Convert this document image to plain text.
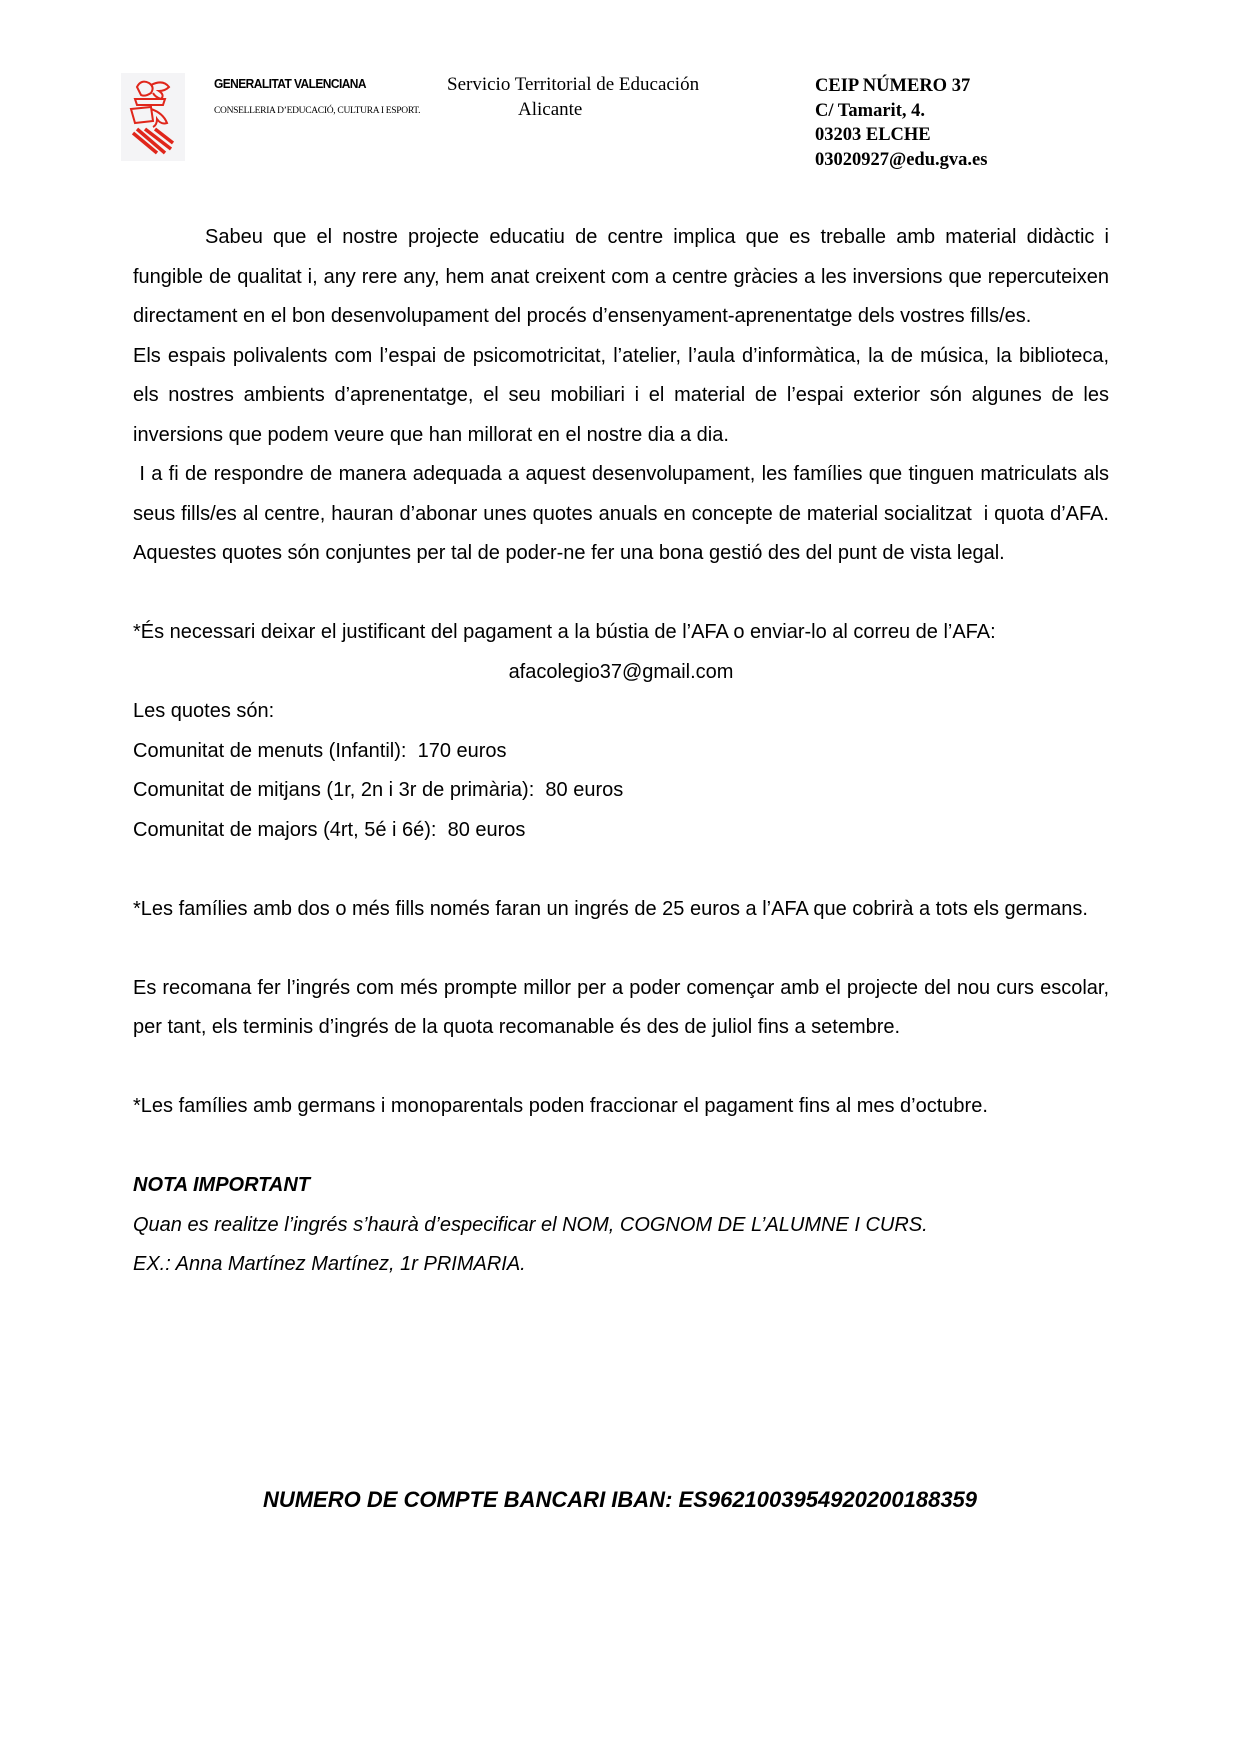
GENERALITAT VALENCIANA
CONSELLERIA D’EDUCACIÓ, CULTURA I ESPORT.
Servicio Territorial de Educación
Alicante
CEIP NÚMERO 37
C/ Tamarit, 4.
03203 ELCHE
03020927@edu.gva.es

Sabeu que el nostre projecte educatiu de centre implica que es treballe amb material didàctic i fungible de qualitat i, any rere any, hem anat creixent com a centre gràcies a les inversions que repercuteixen directament en el bon desenvolupament del procés d’ensenyament-aprenentatge dels vostres fills/es.

Els espais polivalents com l’espai de psicomotricitat, l’atelier, l’aula d’informàtica, la de música, la biblioteca, els nostres ambients d’aprenentatge, el seu mobiliari i el material de l’espai exterior són algunes de les inversions que podem veure que han millorat en el nostre dia a dia.

I a fi de respondre de manera adequada a aquest desenvolupament, les famílies que tinguen matriculats als seus fills/es al centre, hauran d’abonar unes quotes anuals en concepte de material socialitzat  i quota d’AFA. Aquestes quotes són conjuntes per tal de poder-ne fer una bona gestió des del punt de vista legal.

*És necessari deixar el justificant del pagament a la bústia de l’AFA o enviar-lo al correu de l’AFA:

afacolegio37@gmail.com

Les quotes són:

Comunitat de menuts (Infantil): 170 euros

Comunitat de mitjans (1r, 2n i 3r de primària): 80 euros

Comunitat de majors (4rt, 5é i 6é): 80 euros

*Les famílies amb dos o més fills només faran un ingrés de 25 euros a l’AFA que cobrirà a tots els germans.

Es recomana fer l’ingrés com més prompte millor per a poder començar amb el projecte del nou curs escolar, per tant, els terminis d’ingrés de la quota recomanable és des de juliol fins a setembre.

*Les famílies amb germans i monoparentals poden fraccionar el pagament fins al mes d’octubre.

NOTA IMPORTANT

Quan es realitze l’ingrés s’haurà d’especificar el NOM, COGNOM DE L’ALUMNE I CURS.

EX.: Anna Martínez Martínez, 1r PRIMARIA.

NUMERO DE COMPTE BANCARI IBAN: ES9621003954920200188359
